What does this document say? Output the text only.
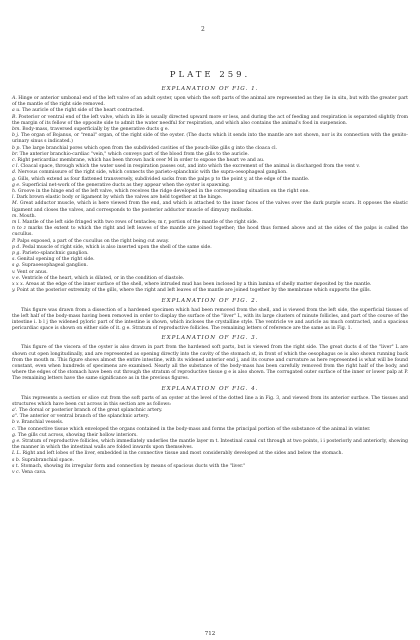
2
PLATE 259.
EXPLANATION OF FIG. 1.

A. Hinge or anterior umbonal end of the left valve of an adult oyster, upon which the soft parts of the animal are represented as they lie in situ, but with the greater part of the mantle of the right side removed.

a u. The auricle of the right side of the heart contracted.

B. Posterior or ventral end of the left valve, which in life is usually directed upward more or less, and during the act of feeding and respiration is separated slightly from the margin of its fellow of the opposite side to admit the water needful for respiration, and which also contains the animal's food in suspension.

bm. Body-mass, traversed superficially by the generative ducts g e.

b j. The organ of Bojanus, or "renal" organ, of the right side of the oyster. (The ducts which it sends into the mantle are not shown, nor is its connection with the genito-urinary sinus s indicated.)

b p. The large branchial pores which open from the subdivided cavities of the pouch-like gills g into the cloaca cl.

br. The anterior branchio-cardiac "vein," which conveys part of the blood from the gills to the auricle.

c. Right pericardiac membrane, which has been thrown back over M in order to expose the heart ve and au.

c l. Cloacal space, through which the water used in respiration passes out, and into which the excrement of the animal is discharged from the vent v.

d. Nervous commissure of the right side, which connects the parieto-splanchnic with the supra-oesophageal ganglion.

g. Gills, which extend as four flattened transversely, subdivided sacks from the palps p to the point y, at the edge of the mantle.

g e. Superficial net-work of the generative ducts as they appear when the oyster is spawning.

h. Groove in the hinge end of the left valve, which receives the ridge developed in the corresponding situation on the right one.

l. Dark brown elastic body or ligament by which the valves are held together at the hinge.

M. Great adductor muscle, which is here viewed from the end, and which is attached to the inner faces of the valves over the dark purple scars. It opposes the elastic ligament and closes the valves, and corresponds to the posterior adductor muscle of dimyary mollusks.

m. Mouth.

m l. Mantle of the left side fringed with two rows of tentacles; m r, portion of the mantle of the right side.

n to z marks the extent to which the right and left leaves of the mantle are joined together; the hood thus formed above and at the sides of the palps is called the cucullus.

P. Palps exposed, a part of the cucullus on the right being cut away.

p d. Pedal muscle of right side, which is also inserted upon the shell of the same side.

p g. Parieto-splanchnic ganglion.

s. Genital opening of the right side.

s g. Supraoesophageal ganglion.

v. Vent or anus.

v e. Ventricle of the heart, which is dilated, or in the condition of diastole.

x x x. Areas at the edge of the inner surface of the shell, where intruded mud has been inclosed by a thin lamina of shelly matter deposited by the mantle.

y. Point at the posterior extremity of the gills, where the right and left leaves of the mantle are joined together by the membrane which supports the gills.

EXPLANATION OF FIG. 2.

This figure was drawn from a dissection of a hardened specimen which had been removed from the shell, and is viewed from the left side, the superficial tissues of the left half of the body-mass having been removed in order to display the surface of the "liver" L, with its large clusters of minute follicles, and part of the course of the intestine i. b l j the widened pyloric part of the intestine is shown, which incloses the crystalline style. The ventricle ve and auricle au much contracted, and a spacious pericardiac space is shown on either side of it. g e. Stratum of reproductive follicles. The remaining letters of reference are the same as in Fig. 1.

EXPLANATION OF FIG. 3.

This figure of the viscera of the oyster is also drawn in part from the hardened soft parts, but is viewed from the right side. The great ducts d of the "liver" L are shown cut open longitudinally, and are represented as opening directly into the cavity of the stomach st, in front of which the oesophagus oe is also shown running back from the mouth m. This figure shows almost the entire intestine, with its widened anterior end j, and its course and curvature as here represented is what will be found constant, even when hundreds of specimens are examined. Nearly all the substance of the body-mass has been carefully removed from the right half of the body, and where the edges of the stomach have been cut through the stratum of reproductive tissue g e is also shown. The corrugated outer surface of the inner or lower palp at P. The remaining letters have the same significance as in the previous figures.

EXPLANATION OF FIG. 4.

This represents a section or slice cut from the soft parts of an oyster at the level of the dotted line a in Fig. 3, and viewed from its anterior surface. The tissues and structures which have been cut across in this section are as follows:

a'. The dorsal or posterior branch of the great splanchnic artery.

a". The anterior or ventral branch of the splanchnic artery.

b v. Branchial vessels.

c. The connective tissue which enveloped the organs contained in the body-mass and forms the principal portion of the substance of the animal in winter.

g. The gills cut across, showing their hollow interiors.

g e. Stratum of reproductive follicles, which immediately underlies the mantle layer m t. Intestinal canal cut through at two points, i i posteriorly and anteriorly, showing the manner in which the intestinal walls are folded inwards upon themselves.

L L. Right and left lobes of the liver, embedded in the connective tissue and most considerably developed at the sides and below the stomach.

s b. Suprabranchial space.

s t. Stomach, showing its irregular form and connection by means of spacious ducts with the "liver."

v c. Vena cava.

712
